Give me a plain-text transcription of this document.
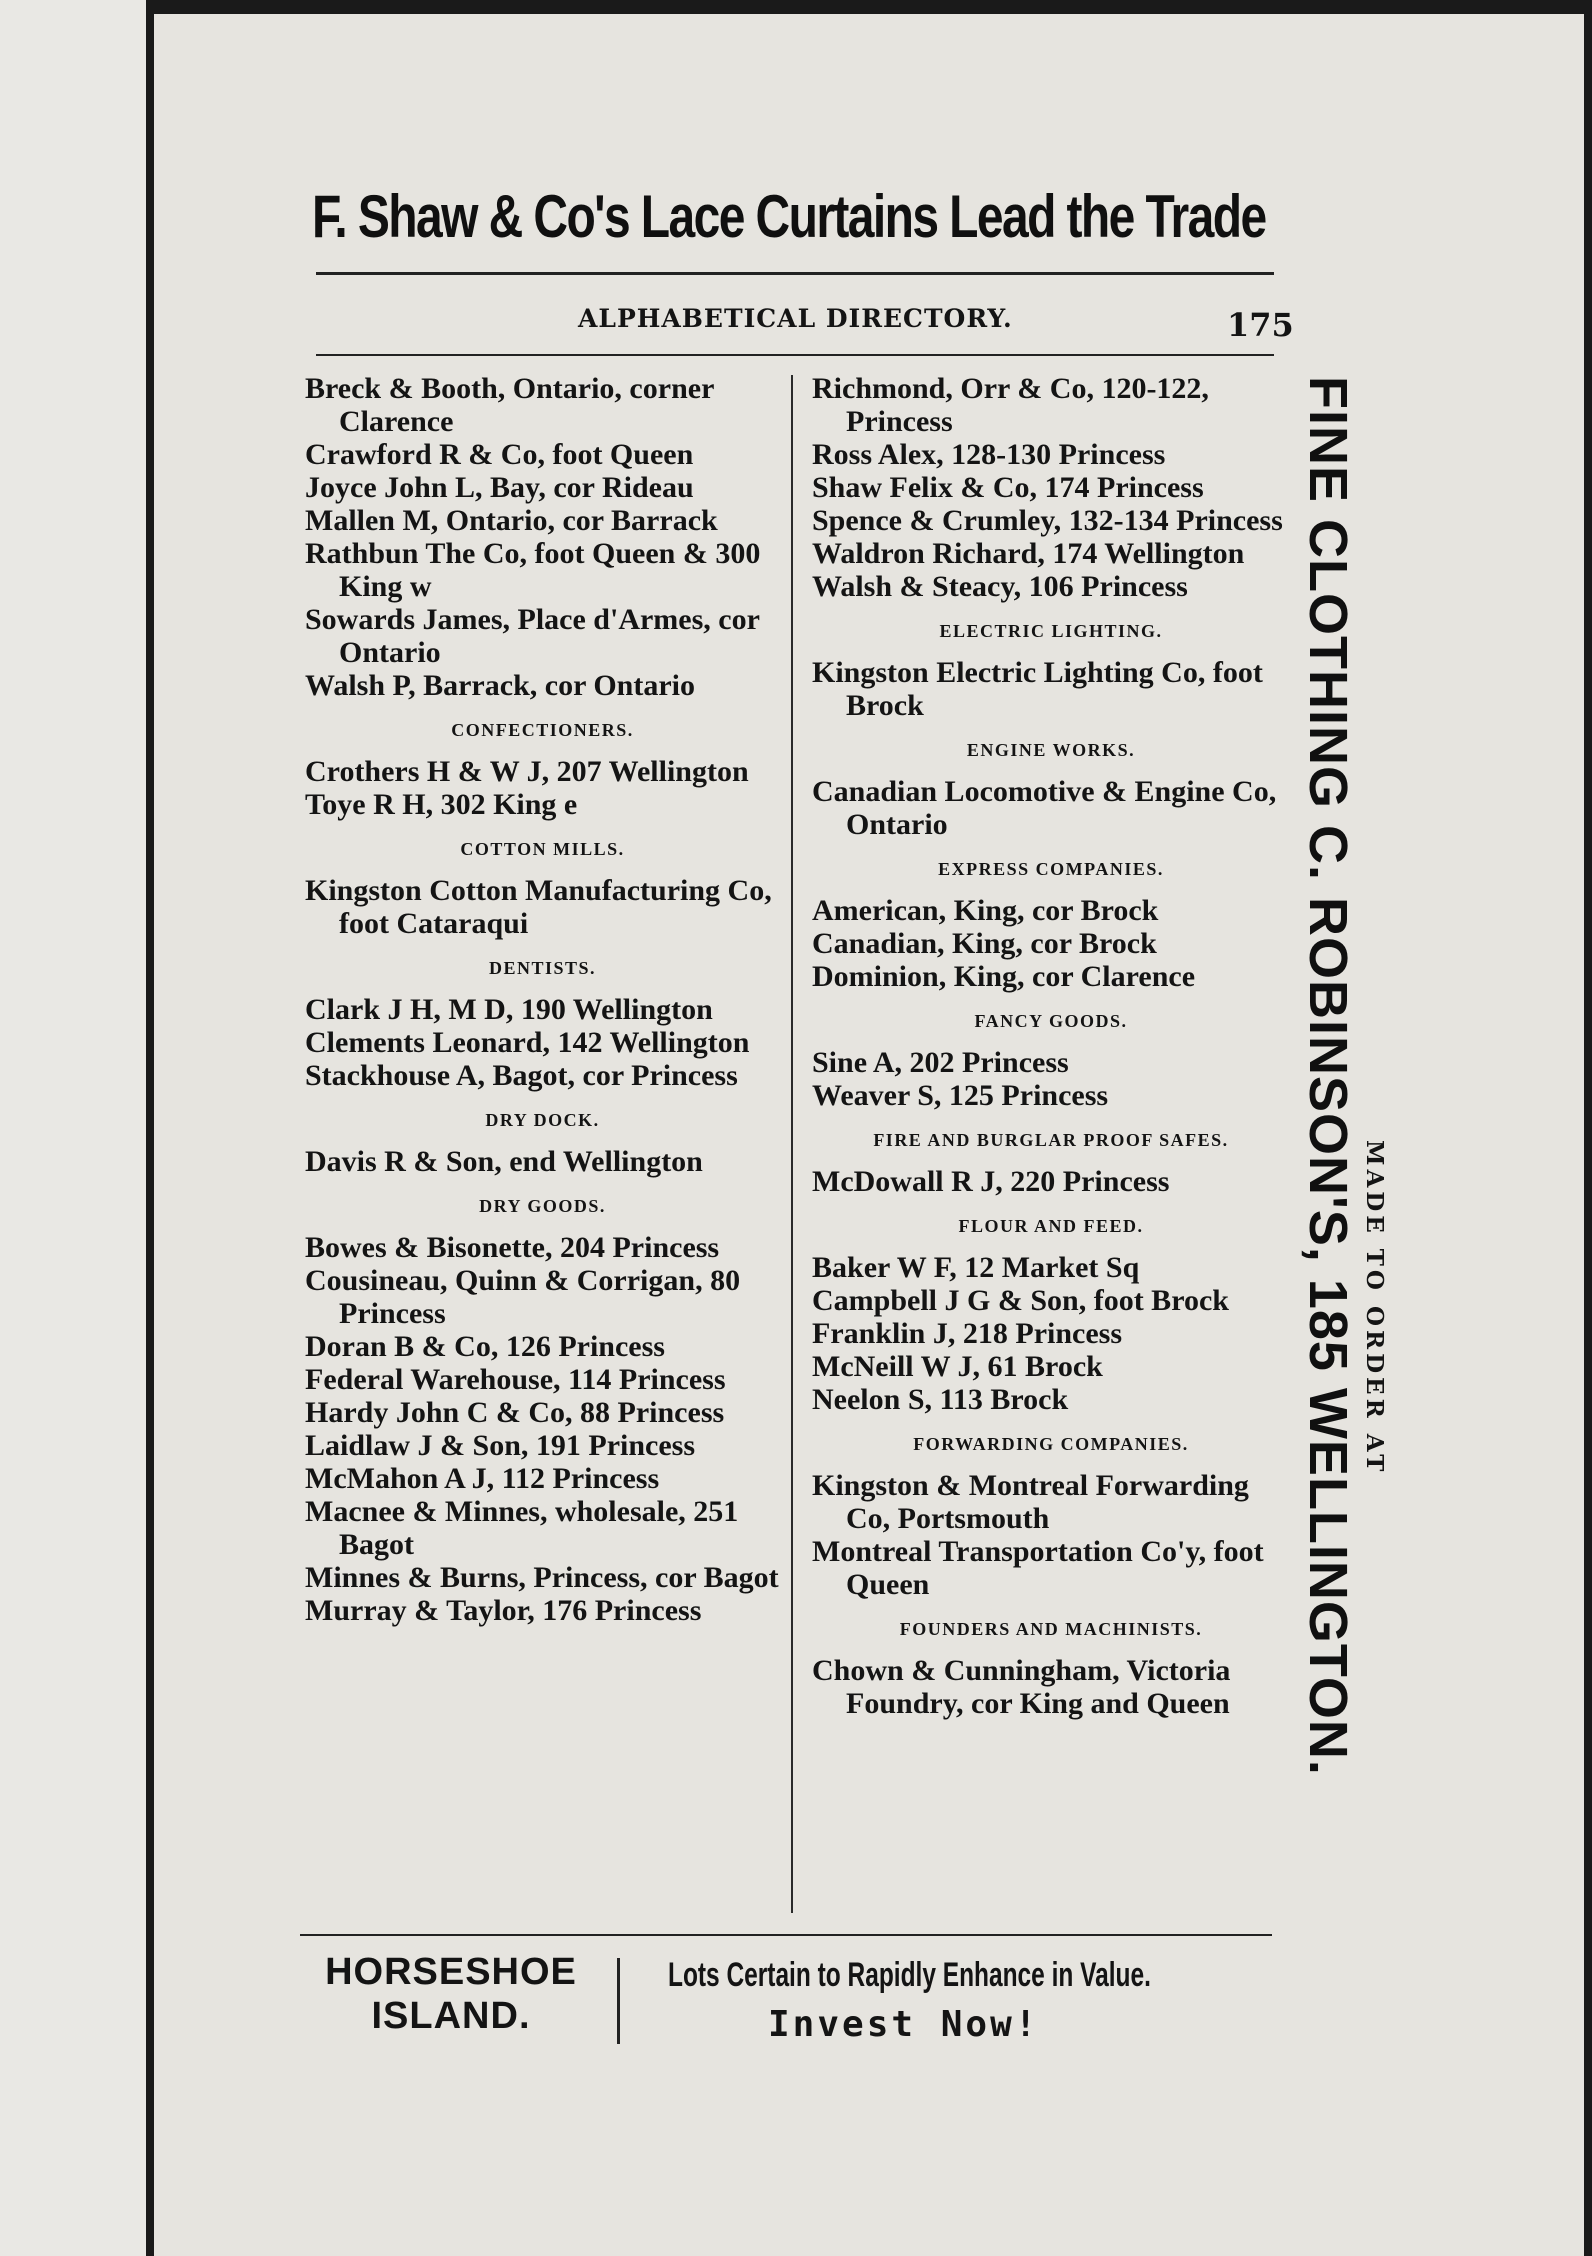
F. Shaw & Co's Lace Curtains Lead the Trade
ALPHABETICAL DIRECTORY.	175
Breck & Booth, Ontario, corner Clarence
Crawford R & Co, foot Queen
Joyce John L, Bay, cor Rideau
Mallen M, Ontario, cor Barrack
Rathbun The Co, foot Queen & 300 King w
Sowards James, Place d'Armes, cor Ontario
Walsh P, Barrack, cor Ontario
CONFECTIONERS.
Crothers H & W J, 207 Wellington
Toye R H, 302 King e
COTTON MILLS.
Kingston Cotton Manufacturing Co, foot Cataraqui
DENTISTS.
Clark J H, M D, 190 Wellington
Clements Leonard, 142 Wellington
Stackhouse A, Bagot, cor Princess
DRY DOCK.
Davis R & Son, end Wellington
DRY GOODS.
Bowes & Bisonette, 204 Princess
Cousineau, Quinn & Corrigan, 80 Princess
Doran B & Co, 126 Princess
Federal Warehouse, 114 Princess
Hardy John C & Co, 88 Princess
Laidlaw J & Son, 191 Princess
McMahon A J, 112 Princess
Macnee & Minnes, wholesale, 251 Bagot
Minnes & Burns, Princess, cor Bagot
Murray & Taylor, 176 Princess
Richmond, Orr & Co, 120-122, Princess
Ross Alex, 128-130 Princess
Shaw Felix & Co, 174 Princess
Spence & Crumley, 132-134 Princess
Waldron Richard, 174 Wellington
Walsh & Steacy, 106 Princess
ELECTRIC LIGHTING.
Kingston Electric Lighting Co, foot Brock
ENGINE WORKS.
Canadian Locomotive & Engine Co, Ontario
EXPRESS COMPANIES.
American, King, cor Brock
Canadian, King, cor Brock
Dominion, King, cor Clarence
FANCY GOODS.
Sine A, 202 Princess
Weaver S, 125 Princess
FIRE AND BURGLAR PROOF SAFES.
McDowall R J, 220 Princess
FLOUR AND FEED.
Baker W F, 12 Market Sq
Campbell J G & Son, foot Brock
Franklin J, 218 Princess
McNeill W J, 61 Brock
Neelon S, 113 Brock
FORWARDING COMPANIES.
Kingston & Montreal Forwarding Co, Portsmouth
Montreal Transportation Co'y, foot Queen
FOUNDERS AND MACHINISTS.
Chown & Cunningham, Victoria Foundry, cor King and Queen	FINE CLOTHING C. ROBINSON'S, 185 WELLINGTON. MADE TO ORDER AT
HORSESHOE
ISLAND.
Lots Certain to Rapidly Enhance in Value.
Invest Now!
